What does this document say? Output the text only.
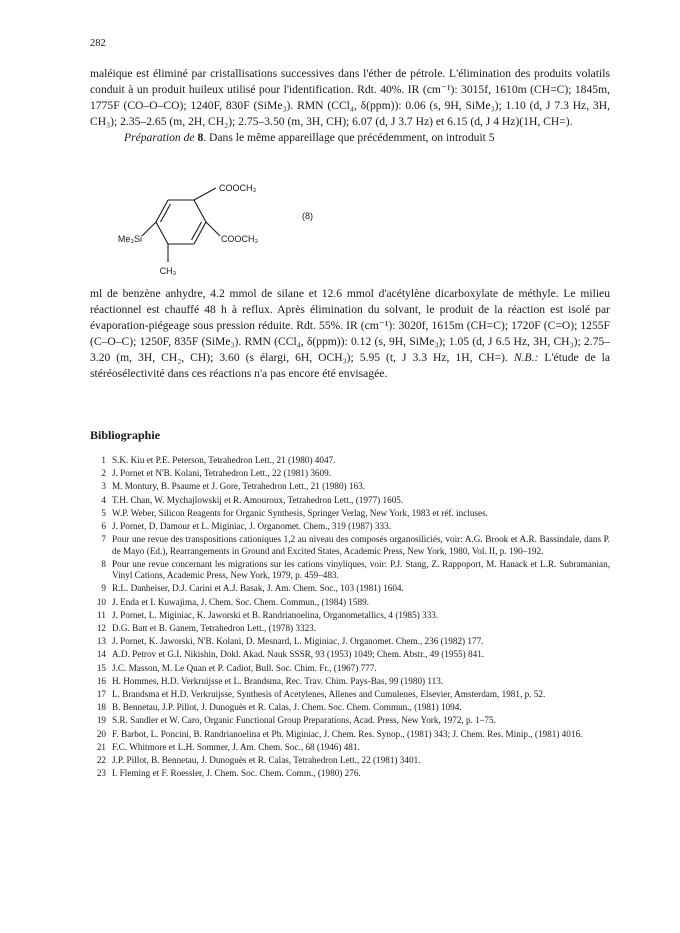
282

maléique est éliminé par cristallisations successives dans l'éther de pétrole. L'élimination des produits volatils conduit à un produit huileux utilisé pour l'identification. Rdt. 40%. IR (cm⁻¹): 3015f, 1610m (CH=C); 1845m, 1775F (CO–O–CO); 1240F, 830F (SiMe₃). RMN (CCl₄, δ(ppm)): 0.06 (s, 9H, SiMe₃); 1.10 (d, J 7.3 Hz, 3H, CH₃); 2.35–2.65 (m, 2H, CH₂); 2.75–3.50 (m, 3H, CH); 6.07 (d, J 3.7 Hz) et 6.15 (d, J 4 Hz)(1H, CH=).

Préparation de 8. Dans le même appareillage que précédemment, on introduit 5

COOCH₃
COOCH₃
Me₃Si
CH₃
(8)

ml de benzène anhydre, 4.2 mmol de silane et 12.6 mmol d'acétylène dicarboxylate de méthyle. Le milieu réactionnel est chauffé 48 h à reflux. Après élimination du solvant, le produit de la réaction est isolé par évaporation-piégeage sous pression réduite. Rdt. 55%. IR (cm⁻¹): 3020f, 1615m (CH=C); 1720F (C=O); 1255F (C–O–C); 1250F, 835F (SiMe₃). RMN (CCl₄, δ(ppm)): 0.12 (s, 9H, SiMe₃); 1.05 (d, J 6.5 Hz, 3H, CH₃); 2.75–3.20 (m, 3H, CH₂, CH); 3.60 (s élargi, 6H, OCH₃); 5.95 (t, J 3.3 Hz, 1H, CH=). N.B.: L'étude de la stéréosélectivité dans ces réactions n'a pas encore été envisagée.

Bibliographie
1 S.K. Kiu et P.E. Peterson, Tetrahedron Lett., 21 (1980) 4047.
2 J. Pornet et N'B. Kolani, Tetrahedron Lett., 22 (1981) 3609.
3 M. Montury, B. Psaume et J. Gore, Tetrahedron Lett., 21 (1980) 163.
4 T.H. Chan, W. Mychajlowskij et R. Amouroux, Tetrahedron Lett., (1977) 1605.
5 W.P. Weber, Silicon Reagents for Organic Synthesis, Springer Verlag, New York, 1983 et réf. incluses.
6 J. Pornet, D. Damour et L. Miginiac, J. Organomet. Chem., 319 (1987) 333.
7 Pour une revue des transpositions cationiques 1,2 au niveau des composés organosiliciés, voir: A.G. Brook et A.R. Bassindale, dans P. de Mayo (Ed.), Rearrangements in Ground and Excited States, Academic Press, New York, 1980, Vol. II, p. 190–192.
8 Pour une revue concernant les migrations sur les cations vinyliques, voir: P.J. Stang, Z. Rappoport, M. Hanack et L.R. Subramanian, Vinyl Cations, Academic Press, New York, 1979, p. 459–483.
9 R.L. Danheiser, D.J. Carini et A.J. Basak, J. Am. Chem. Soc., 103 (1981) 1604.
10 J. Enda et I. Kuwajima, J. Chem. Soc. Chem. Commun., (1984) 1589.
11 J. Pornet, L. Miginiac, K. Jaworski et B. Randrianoelina, Organometallics, 4 (1985) 333.
12 D.G. Batt et B. Ganem, Tetrahedron Lett., (1978) 3323.
13 J. Pornet, K. Jaworski, N'B. Kolani, D. Mesnard, L. Miginiac, J. Organomet. Chem., 236 (1982) 177.
14 A.D. Petrov et G.I. Nikishin, Dokl. Akad. Nauk SSSR, 93 (1953) 1049; Chem. Abstr., 49 (1955) 841.
15 J.C. Masson, M. Le Quan et P. Cadiot, Bull. Soc. Chim. Fr., (1967) 777.
16 H. Hommes, H.D. Verkruijsse et L. Brandsma, Rec. Trav. Chim. Pays-Bas, 99 (1980) 113.
17 L. Brandsma et H.D. Verkruijsse, Synthesis of Acetylenes, Allenes and Cumulenes, Elsevier, Amsterdam, 1981, p. 52.
18 B. Bennetau, J.P. Pillot, J. Dunoguès et R. Calas, J. Chem. Soc. Chem. Commun., (1981) 1094.
19 S.R. Sandler et W. Caro, Organic Functional Group Preparations, Acad. Press, New York, 1972, p. 1–75.
20 F. Barbot, L. Poncini, B. Randrianoelina et Ph. Miginiac, J. Chem. Res. Synop., (1981) 343; J. Chem. Res. Minip., (1981) 4016.
21 F.C. Whitmore et L.H. Sommer, J. Am. Chem. Soc., 68 (1946) 481.
22 J.P. Pillot, B. Bennetau, J. Dunoguès et R. Calas, Tetrahedron Lett., 22 (1981) 3401.
23 I. Fleming et F. Roessler, J. Chem. Soc. Chem. Comm., (1980) 276.
